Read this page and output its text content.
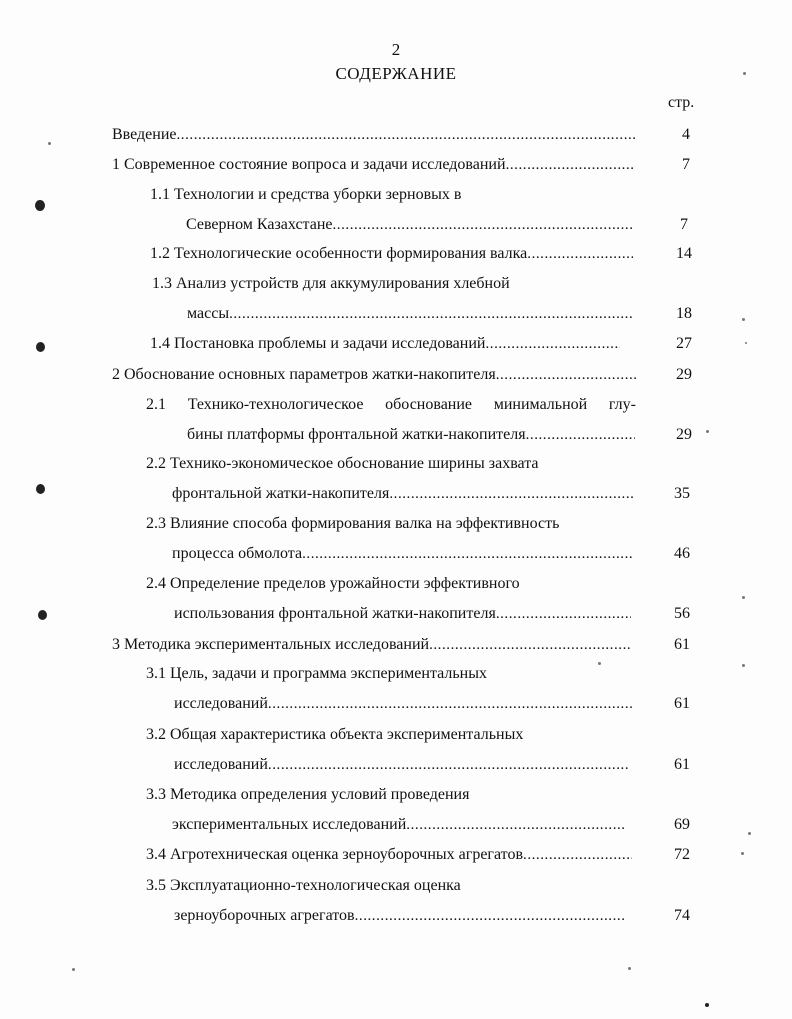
2
СОДЕРЖАНИЕ
стр.
Введение . . .	4
1 Современное состояние вопроса и задачи исследований . . .	7
1.1 Технологии и средства уборки зерновых в
Северном Казахстане . . .	7
1.2 Технологические особенности формирования валка . . .	14
1.3 Анализ устройств для аккумулирования хлебной
массы . . .	18
1.4 Постановка проблемы и задачи исследований . . .	27
2 Обоснование основных параметров жатки-накопителя . . .	29
2.1 Технико-технологическое обоснование минимальной глу-
бины платформы фронтальной жатки-накопителя . . .	29
2.2 Технико-экономическое обоснование ширины захвата
фронтальной жатки-накопителя . . .	35
2.3 Влияние способа формирования валка на эффективность
процесса обмолота . . .	46
2.4 Определение пределов урожайности эффективного
использования фронтальной жатки-накопителя . . .	56
3 Методика экспериментальных исследований . . .	61
3.1 Цель, задачи и программа экспериментальных
исследований . . .	61
3.2 Общая характеристика объекта экспериментальных
исследований . . .	61
3.3 Методика определения условий проведения
экспериментальных исследований . . .	69
3.4 Агротехническая оценка зерноуборочных агрегатов . . .	72
3.5 Эксплуатационно-технологическая оценка
зерноуборочных агрегатов . . .	74
